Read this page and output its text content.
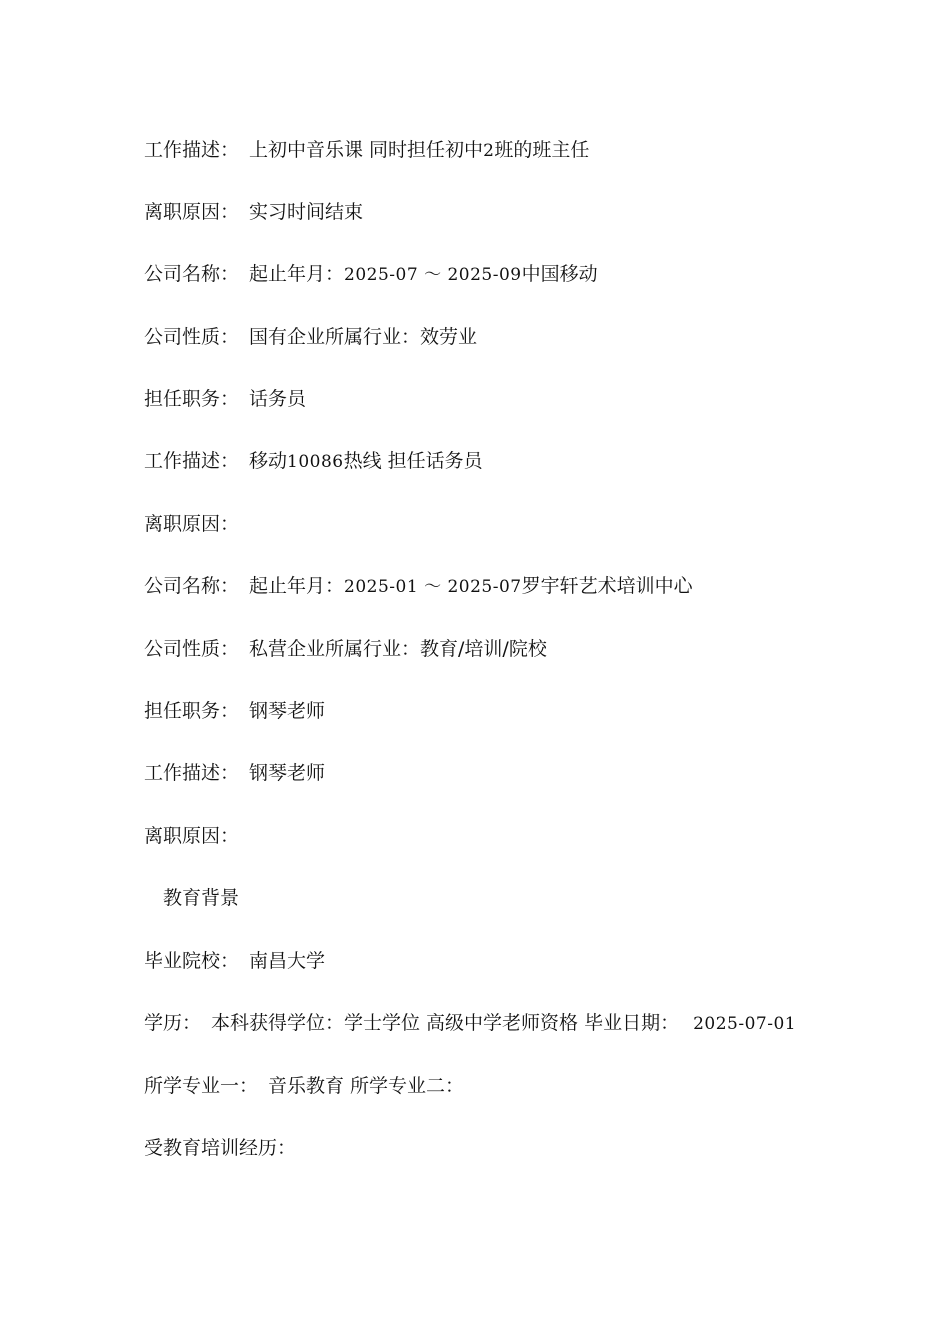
工作描述： 上初中音乐课 同时担任初中2班的班主任
离职原因： 实习时间结束
公司名称： 起止年月：2025-07 ～ 2025-09中国移动
公司性质： 国有企业所属行业：效劳业
担任职务： 话务员
工作描述： 移动10086热线 担任话务员
离职原因：
公司名称： 起止年月：2025-01 ～ 2025-07罗宇轩艺术培训中心
公司性质： 私营企业所属行业：教育/培训/院校
担任职务： 钢琴老师
工作描述： 钢琴老师
离职原因：
教育背景
毕业院校： 南昌大学
学历： 本科获得学位：学士学位 高级中学老师资格 毕业日期： 2025-07-01
所学专业一： 音乐教育 所学专业二：
受教育培训经历：
